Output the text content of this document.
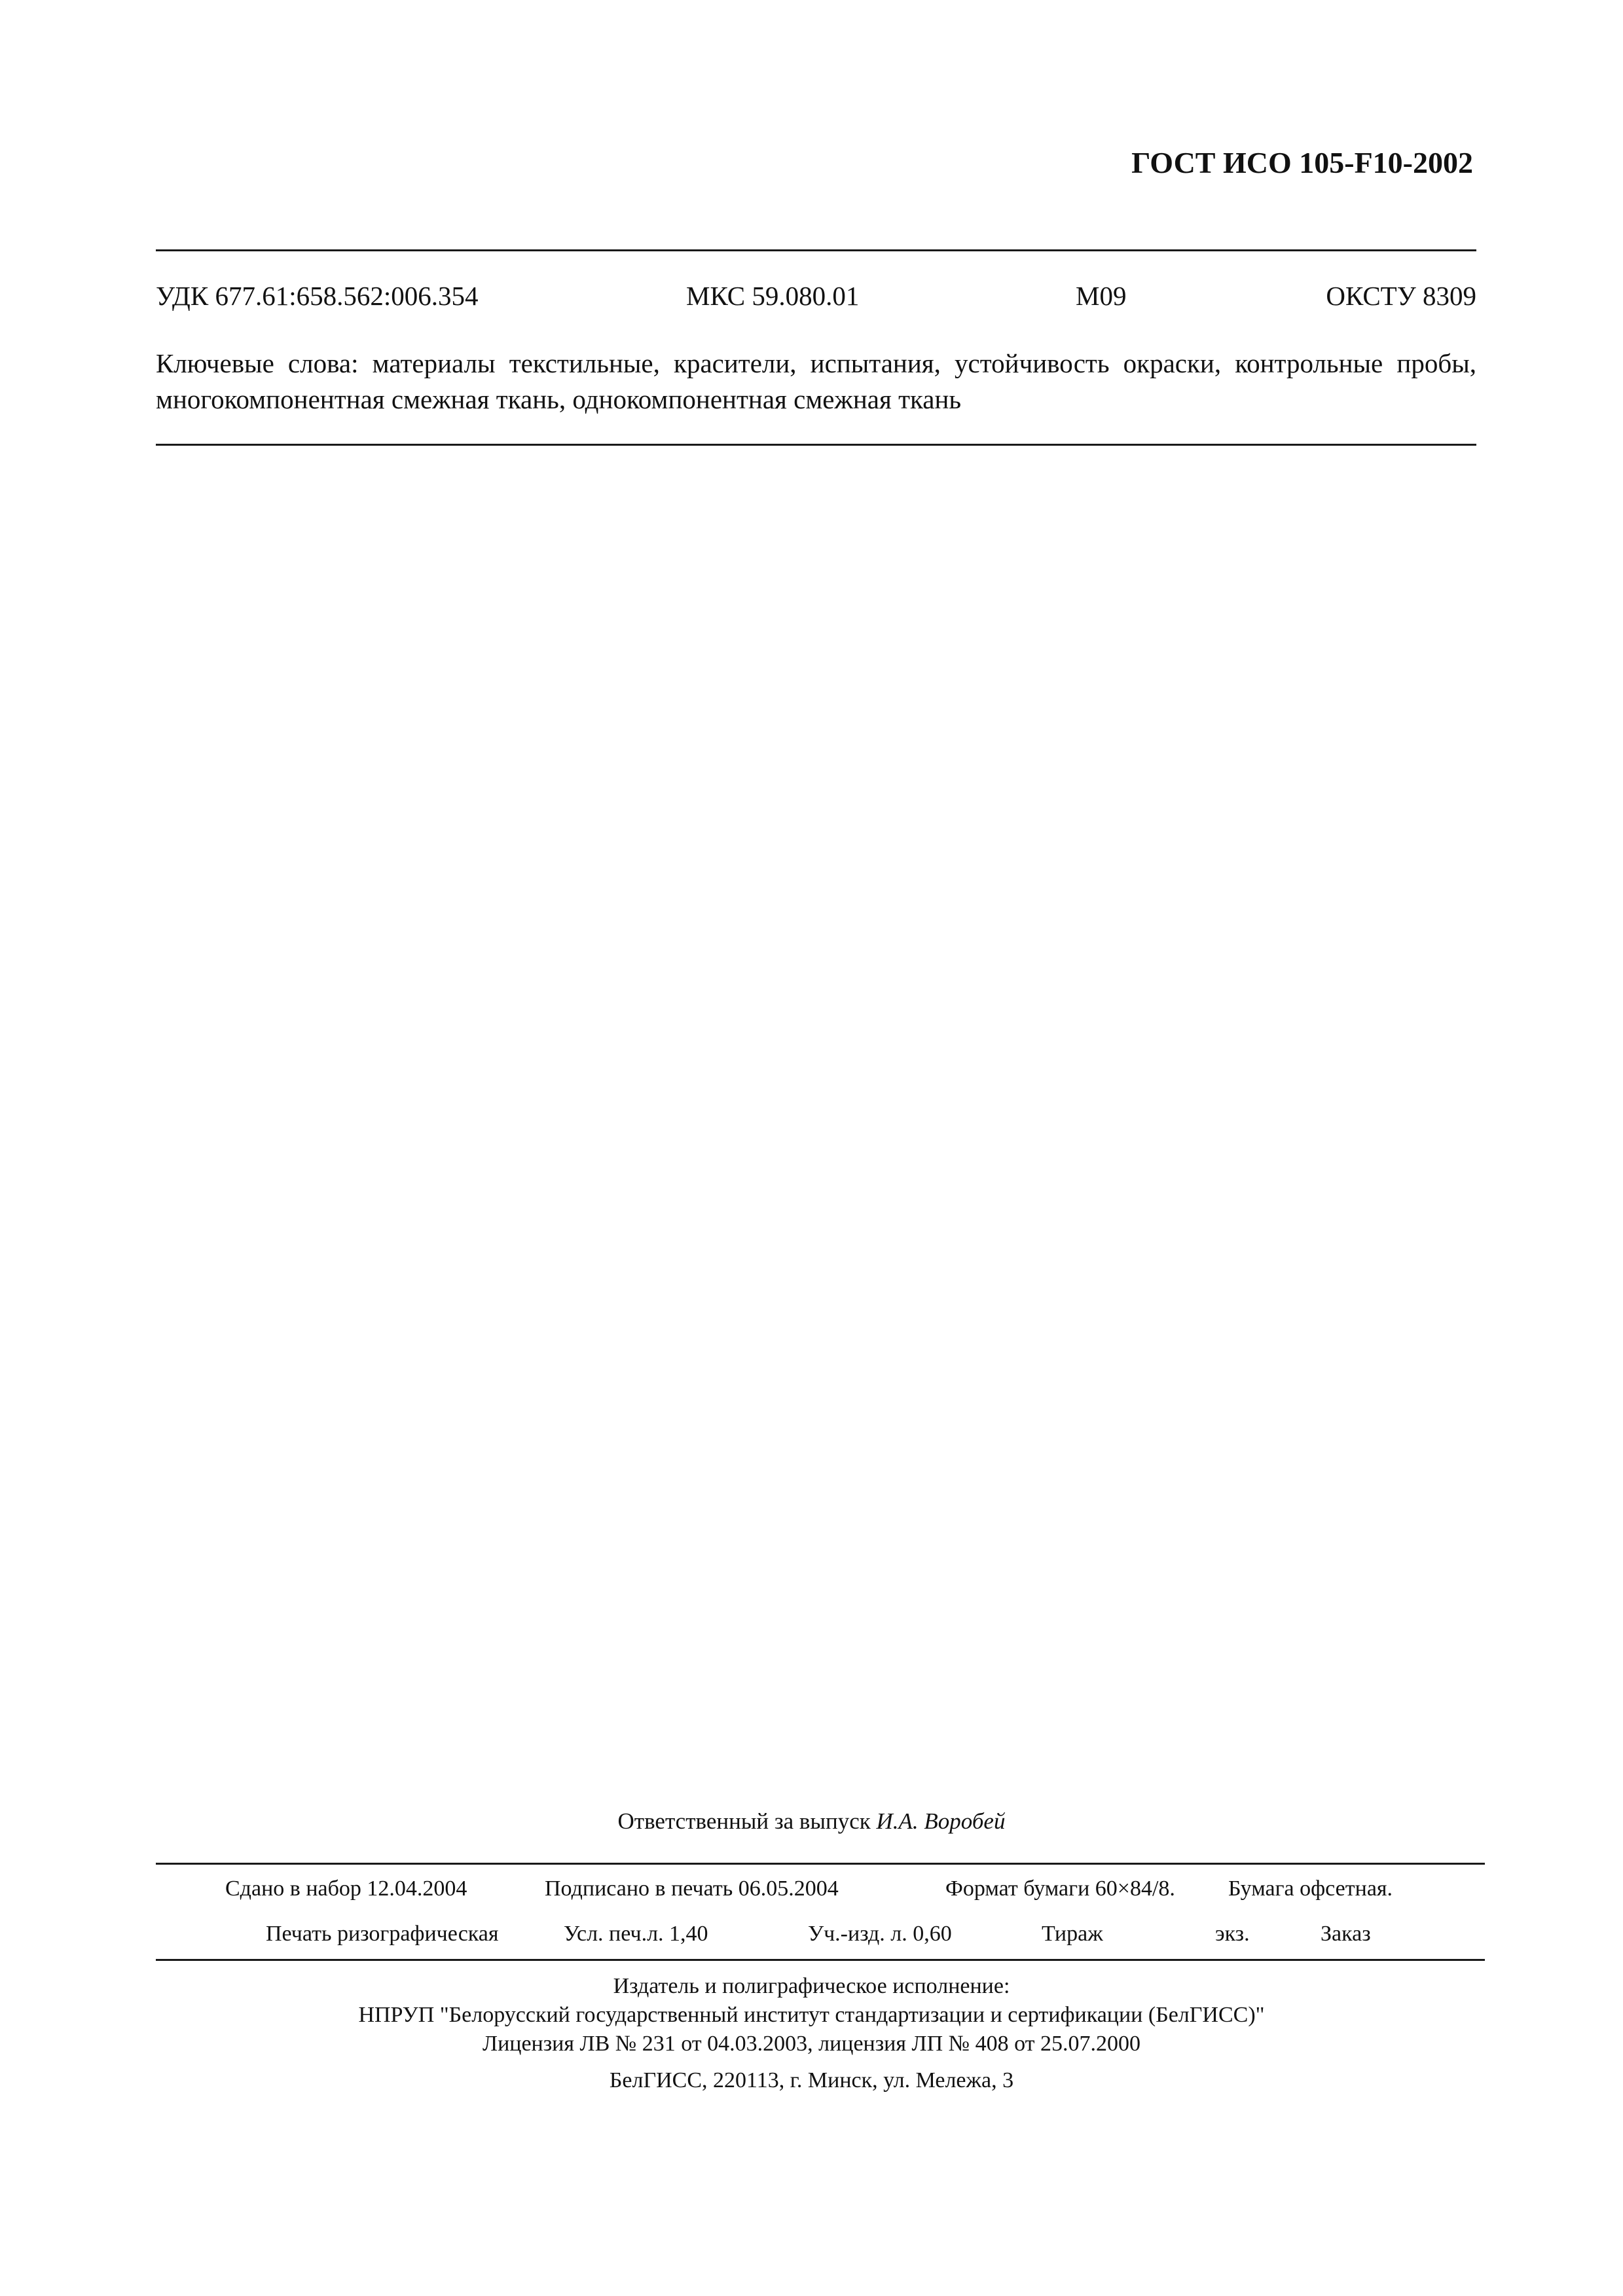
ГОСТ ИСО 105-F10-2002
УДК 677.61:658.562:006.354	МКС 59.080.01	М09	ОКСТУ 8309
Ключевые слова: материалы текстильные, красители, испытания, устойчивость окраски, контрольные пробы, многокомпонентная смежная ткань, однокомпонентная смежная ткань
Ответственный за выпуск И.А. Воробей
Сдано в набор 12.04.2004	Подписано в печать 06.05.2004	Формат бумаги 60×84/8. Бумага офсетная.
Печать ризографическая	Усл. печ.л. 1,40	Уч.-изд. л. 0,60	Тираж	экз.	Заказ
Издатель и полиграфическое исполнение:
НПРУП "Белорусский государственный институт стандартизации и сертификации (БелГИСС)"
Лицензия ЛВ № 231 от 04.03.2003, лицензия ЛП № 408 от 25.07.2000
БелГИСС, 220113, г. Минск, ул. Мележа, 3
